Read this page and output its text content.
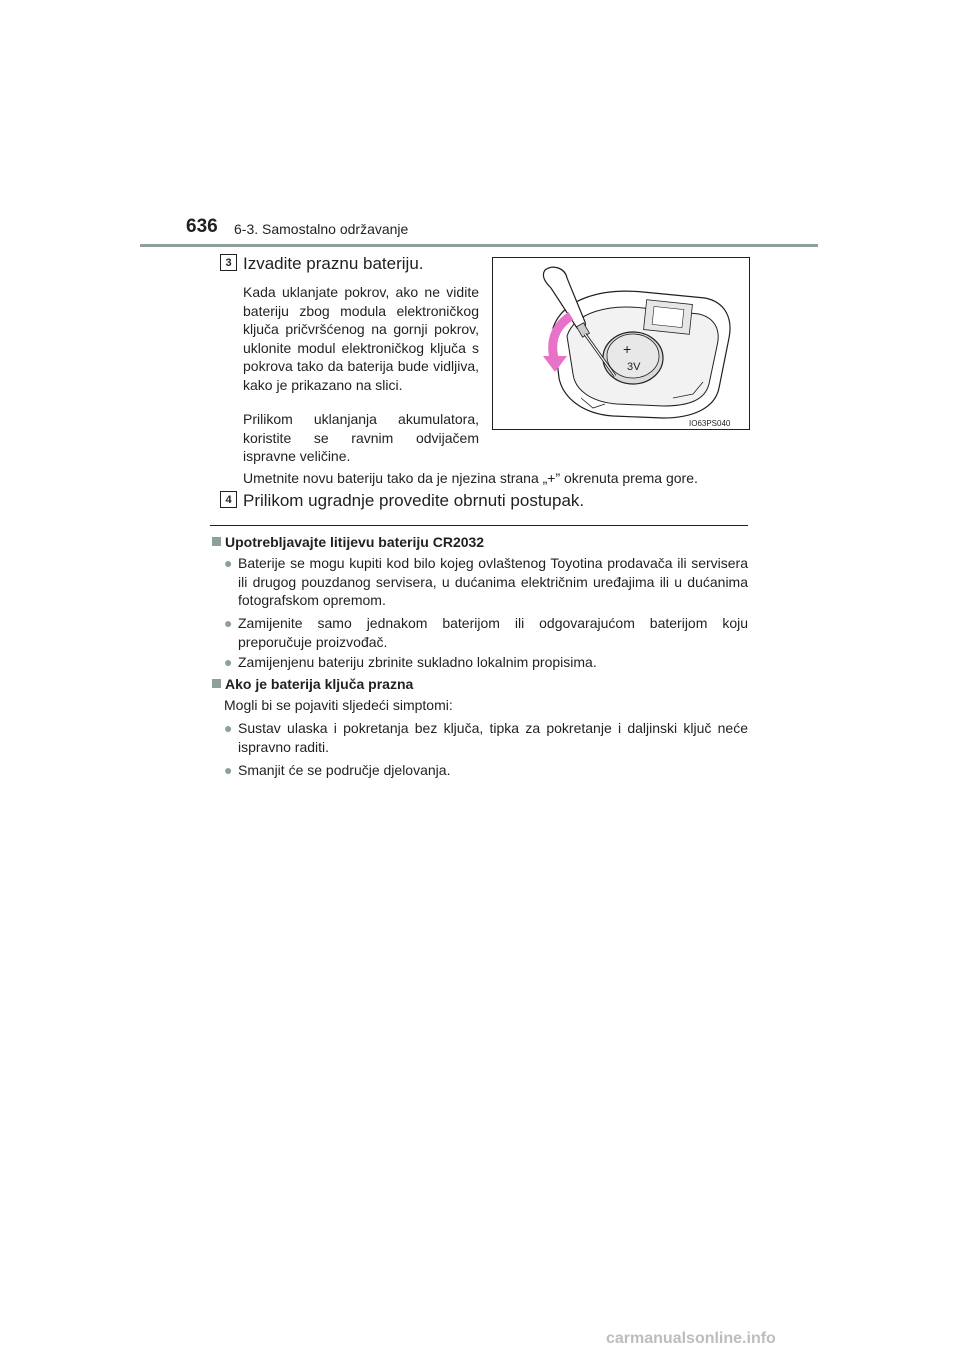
636 6-3. Samostalno održavanje
3 Izvadite praznu bateriju.
Kada uklanjate pokrov, ako ne vidite bateriju zbog modula elektroničkog ključa pričvršćenog na gornji pokrov, uklonite modul elektroničkog ključa s pokrova tako da baterija bude vidljiva, kako je prikazano na slici.
Prilikom uklanjanja akumulatora, koristite se ravnim odvijačem ispravne veličine.
Umetnite novu bateriju tako da je njezina strana „+” okrenuta prema gore.
+
3V
IO63PS040
4 Prilikom ugradnje provedite obrnuti postupak.
Upotrebljavajte litijevu bateriju CR2032
● Baterije se mogu kupiti kod bilo kojeg ovlaštenog Toyotina prodavača ili servisera ili drugog pouzdanog servisera, u dućanima električnim uređajima ili u dućanima fotografskom opremom.
● Zamijenite samo jednakom baterijom ili odgovarajućom baterijom koju preporučuje proizvođač.
● Zamijenjenu bateriju zbrinite sukladno lokalnim propisima.
Ako je baterija ključa prazna
Mogli bi se pojaviti sljedeći simptomi:
● Sustav ulaska i pokretanja bez ključa, tipka za pokretanje i daljinski ključ neće ispravno raditi.
● Smanjit će se područje djelovanja.
carmanualsonline.info
